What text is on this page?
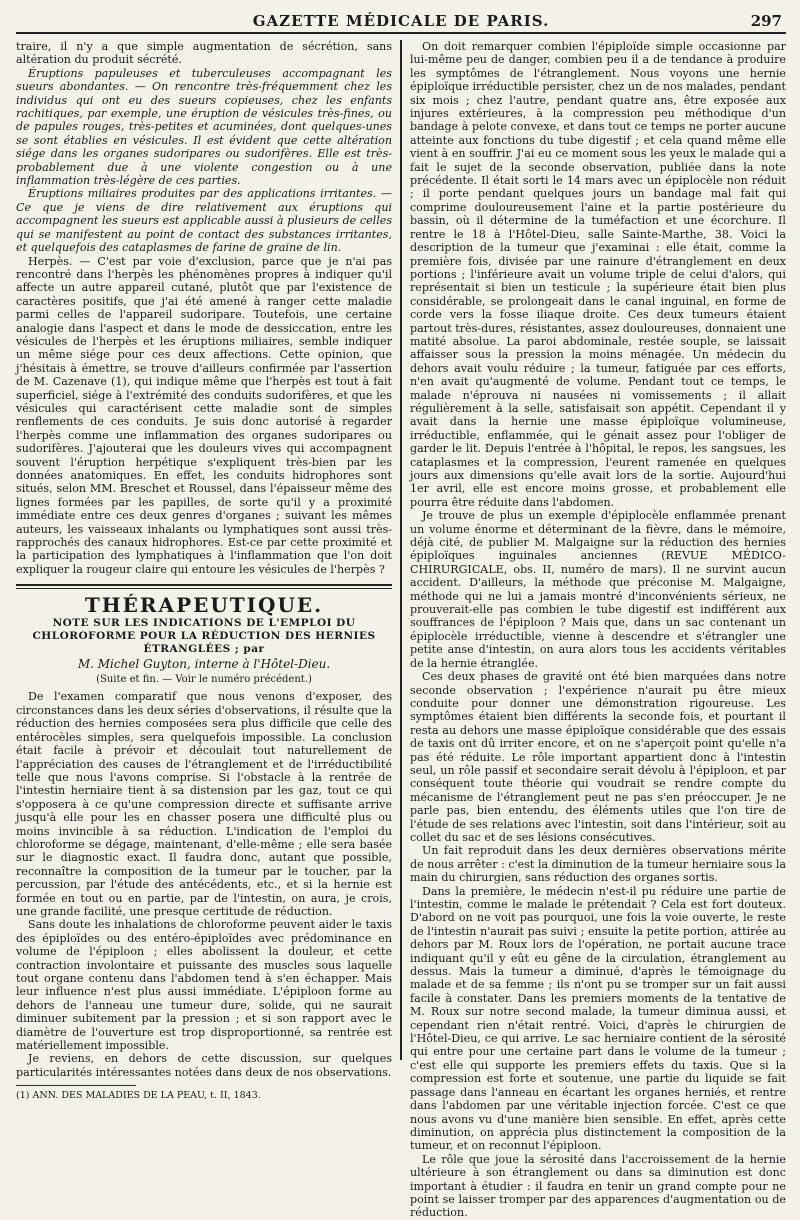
GAZETTE MÉDICALE DE PARIS.	297

traire, il n'y a que simple augmentation de sécrétion, sans altération du produit sécrété.

Éruptions papuleuses et tuberculeuses accompagnant les sueurs abondantes. — On rencontre très-fréquemment chez les individus qui ont eu des sueurs copieuses, chez les enfants rachitiques, par exemple, une éruption de vésicules très-fines, ou de papules rouges, très-petites et acuminées, dont quelques-unes se sont établies en vésicules. Il est évident que cette altération siége dans les organes sudoripares ou sudorifères. Elle est très-probablement due à une violente congestion ou à une inflammation très-légère de ces parties.

Éruptions miliaires produites par des applications irritantes. — Ce que je viens de dire relativement aux éruptions qui accompagnent les sueurs est applicable aussi à plusieurs de celles qui se manifestent au point de contact des substances irritantes, et quelquefois des cataplasmes de farine de graine de lin.

Herpès. — C'est par voie d'exclusion, parce que je n'ai pas rencontré dans l'herpès les phénomènes propres à indiquer qu'il affecte un autre appareil cutané, plutôt que par l'existence de caractères positifs, que j'ai été amené à ranger cette maladie parmi celles de l'appareil sudoripare. Toutefois, une certaine analogie dans l'aspect et dans le mode de dessiccation, entre les vésicules de l'herpès et les éruptions miliaires, semble indiquer un même siége pour ces deux affections. Cette opinion, que j'hésitais à émettre, se trouve d'ailleurs confirmée par l'assertion de M. Cazenave (1), qui indique même que l'herpès est tout à fait superficiel, siége à l'extrémité des conduits sudorifères, et que les vésicules qui caractérisent cette maladie sont de simples renflements de ces conduits. Je suis donc autorisé à regarder l'herpès comme une inflammation des organes sudoripares ou sudorifères. J'ajouterai que les douleurs vives qui accompagnent souvent l'éruption herpétique s'expliquent très-bien par les données anatomiques. En effet, les conduits hidrophores sont situés, selon MM. Breschet et Roussel, dans l'épaisseur même des lignes formées par les papilles, de sorte qu'il y a proximité immédiate entre ces deux genres d'organes ; suivant les mêmes auteurs, les vaisseaux inhalants ou lymphatiques sont aussi très-rapprochés des canaux hidrophores. Est-ce par cette proximité et la participation des lymphatiques à l'inflammation que l'on doit expliquer la rougeur claire qui entoure les vésicules de l'herpès ?

THÉRAPEUTIQUE.
NOTE SUR LES INDICATIONS DE L'EMPLOI DU CHLOROFORME POUR LA RÉDUCTION DES HERNIES ÉTRANGLÉES ; par
M. Michel Guyton, interne à l'Hôtel-Dieu.
(Suite et fin. — Voir le numéro précédent.)

De l'examen comparatif que nous venons d'exposer, des circonstances dans les deux séries d'observations, il résulte que la réduction des hernies composées sera plus difficile que celle des entérocèles simples, sera quelquefois impossible. La conclusion était facile à prévoir et découlait tout naturellement de l'appréciation des causes de l'étranglement et de l'irréductibilité telle que nous l'avons comprise. Si l'obstacle à la rentrée de l'intestin herniaire tient à sa distension par les gaz, tout ce qui s'opposera à ce qu'une compression directe et suffisante arrive jusqu'à elle pour les en chasser posera une difficulté plus ou moins invincible à sa réduction. L'indication de l'emploi du chloroforme se dégage, maintenant, d'elle-même ; elle sera basée sur le diagnostic exact. Il faudra donc, autant que possible, reconnaître la composition de la tumeur par le toucher, par la percussion, par l'étude des antécédents, etc., et si la hernie est formée en tout ou en partie, par de l'intestin, on aura, je crois, une grande facilité, une presque certitude de réduction.

Sans doute les inhalations de chloroforme peuvent aider le taxis des épiploïdes ou des entéro-épiploïdes avec prédominance en volume de l'épiploon ; elles abolissent la douleur, et cette contraction involontaire et puissante des muscles sous laquelle tout organe contenu dans l'abdomen tend à s'en échapper. Mais leur influence n'est plus aussi immédiate. L'épiploon forme au dehors de l'anneau une tumeur dure, solide, qui ne saurait diminuer subitement par la pression ; et si son rapport avec le diamètre de l'ouverture est trop disproportionné, sa rentrée est matériellement impossible.

Je reviens, en dehors de cette discussion, sur quelques particularités intéressantes notées dans deux de nos observations.

(1) ANN. DES MALADIES DE LA PEAU, t. II, 1843.

On doit remarquer combien l'épiploïde simple occasionne par lui-même peu de danger, combien peu il a de tendance à produire les symptômes de l'étranglement. Nous voyons une hernie épiploïque irréductible persister, chez un de nos malades, pendant six mois ; chez l'autre, pendant quatre ans, être exposée aux injures extérieures, à la compression peu méthodique d'un bandage à pelote convexe, et dans tout ce temps ne porter aucune atteinte aux fonctions du tube digestif ; et cela quand même elle vient à en souffrir. J'ai eu ce moment sous les yeux le malade qui a fait le sujet de la seconde observation, publiée dans la note précédente. Il était sorti le 14 mars avec un épiplocèle non réduit ; il porte pendant quelques jours un bandage mal fait qui comprime douloureusement l'aine et la partie postérieure du bassin, où il détermine de la tuméfaction et une écorchure. Il rentre le 18 à l'Hôtel-Dieu, salle Sainte-Marthe, 38. Voici la description de la tumeur que j'examinai : elle était, comme la première fois, divisée par une rainure d'étranglement en deux portions ; l'inférieure avait un volume triple de celui d'alors, qui représentait si bien un testicule ; la supérieure était bien plus considérable, se prolongeait dans le canal inguinal, en forme de corde vers la fosse iliaque droite. Ces deux tumeurs étaient partout très-dures, résistantes, assez douloureuses, donnaient une matité absolue. La paroi abdominale, restée souple, se laissait affaisser sous la pression la moins ménagée. Un médecin du dehors avait voulu réduire ; la tumeur, fatiguée par ces efforts, n'en avait qu'augmenté de volume. Pendant tout ce temps, le malade n'éprouva ni nausées ni vomissements ; il allait régulièrement à la selle, satisfaisait son appétit. Cependant il y avait dans la hernie une masse épiploïque volumineuse, irréductible, enflammée, qui le génait assez pour l'obliger de garder le lit. Depuis l'entrée à l'hôpital, le repos, les sangsues, les cataplasmes et la compression, l'eurent ramenée en quelques jours aux dimensions qu'elle avait lors de la sortie. Aujourd'hui 1er avril, elle est encore moins grosse, et probablement elle pourra être réduite dans l'abdomen.

Je trouve de plus un exemple d'épiplocèle enflammée prenant un volume énorme et déterminant de la fièvre, dans le mémoire, déjà cité, de publier M. Malgaigne sur la réduction des hernies épiploïques inguinales anciennes (REVUE MÉDICO-CHIRURGICALE, obs. II, numéro de mars). Il ne survint aucun accident. D'ailleurs, la méthode que préconise M. Malgaigne, méthode qui ne lui a jamais montré d'inconvénients sérieux, ne prouverait-elle pas combien le tube digestif est indifférent aux souffrances de l'épiploon ? Mais que, dans un sac contenant un épiplocèle irréductible, vienne à descendre et s'étrangler une petite anse d'intestin, on aura alors tous les accidents véritables de la hernie étranglée.

Ces deux phases de gravité ont été bien marquées dans notre seconde observation ; l'expérience n'aurait pu être mieux conduite pour donner une démonstration rigoureuse. Les symptômes étaient bien différents la seconde fois, et pourtant il resta au dehors une masse épiploïque considérable que des essais de taxis ont dû irriter encore, et on ne s'aperçoit point qu'elle n'a pas été réduite. Le rôle important appartient donc à l'intestin seul, un rôle passif et secondaire serait dévolu à l'épiploon, et par conséquent toute théorie qui voudrait se rendre compte du mécanisme de l'étranglement peut ne pas s'en préoccuper. Je ne parle pas, bien entendu, des éléments utiles que l'on tire de l'étude de ses relations avec l'intestin, soit dans l'intérieur, soit au collet du sac et de ses lésions consécutives.

Un fait reproduit dans les deux dernières observations mérite de nous arrêter : c'est la diminution de la tumeur herniaire sous la main du chirurgien, sans réduction des organes sortis.

Dans la première, le médecin n'est-il pu réduire une partie de l'intestin, comme le malade le prétendait ? Cela est fort douteux. D'abord on ne voit pas pourquoi, une fois la voie ouverte, le reste de l'intestin n'aurait pas suivi ; ensuite la petite portion, attirée au dehors par M. Roux lors de l'opération, ne portait aucune trace indiquant qu'il y eût eu gêne de la circulation, étranglement au dessus. Mais la tumeur a diminué, d'après le témoignage du malade et de sa femme ; ils n'ont pu se tromper sur un fait aussi facile à constater. Dans les premiers moments de la tentative de M. Roux sur notre second malade, la tumeur diminua aussi, et cependant rien n'était rentré. Voici, d'après le chirurgien de l'Hôtel-Dieu, ce qui arrive. Le sac herniaire contient de la sérosité qui entre pour une certaine part dans le volume de la tumeur ; c'est elle qui supporte les premiers effets du taxis. Que si la compression est forte et soutenue, une partie du liquide se fait passage dans l'anneau en écartant les organes herniés, et rentre dans l'abdomen par une véritable injection forcée. C'est ce que nous avons vu d'une manière bien sensible. En effet, après cette diminution, on apprécia plus distinctement la composition de la tumeur, et on reconnut l'épiploon.

Le rôle que joue la sérosité dans l'accroissement de la hernie ultérieure à son étranglement ou dans sa diminution est donc important à étudier : il faudra en tenir un grand compte pour ne point se laisser tromper par des apparences d'augmentation ou de réduction.
